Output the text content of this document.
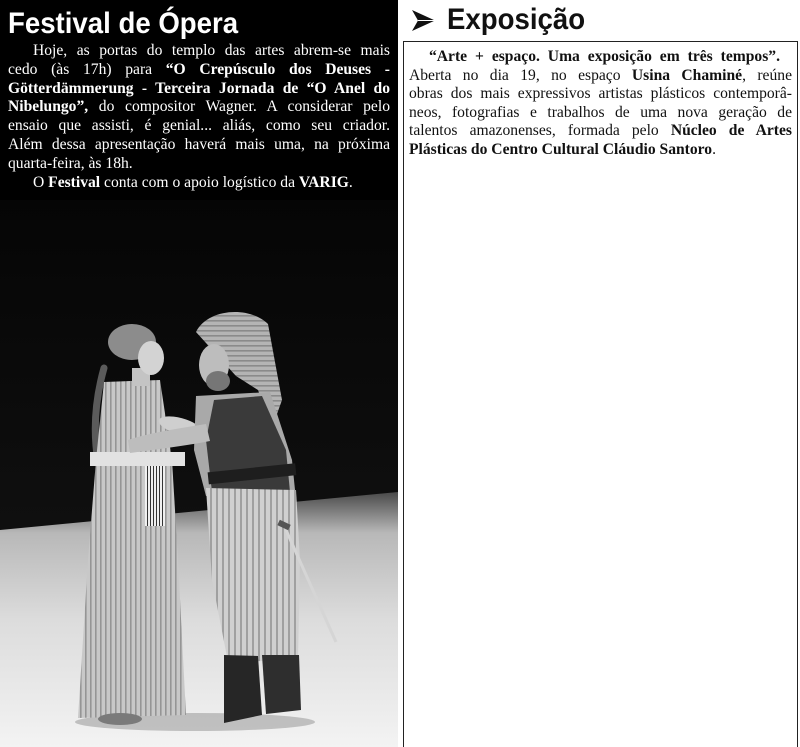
Festival de Ópera
Hoje, as portas do templo das artes abrem-se mais
cedo (às 17h) para “O Crepúsculo dos Deuses -
Götterdämmerung - Terceira Jornada de “O Anel do
Nibelungo”, do compositor Wagner. A considerar pelo
ensaio que assisti, é genial... aliás, como seu criador.
Além dessa apresentação haverá mais uma, na próxima
quarta-feira, às 18h.
O Festival conta com o apoio logístico da VARIG.
Exposição
“Arte + espaço. Uma exposição em três tempos”.
Aberta no dia 19, no espaço Usina Chaminé, reúne
obras dos mais expressivos artistas plásticos contemporâ-
neos, fotografias e trabalhos de uma nova geração de
talentos amazonenses, formada pelo Núcleo de Artes
Plásticas do Centro Cultural Cláudio Santoro.
